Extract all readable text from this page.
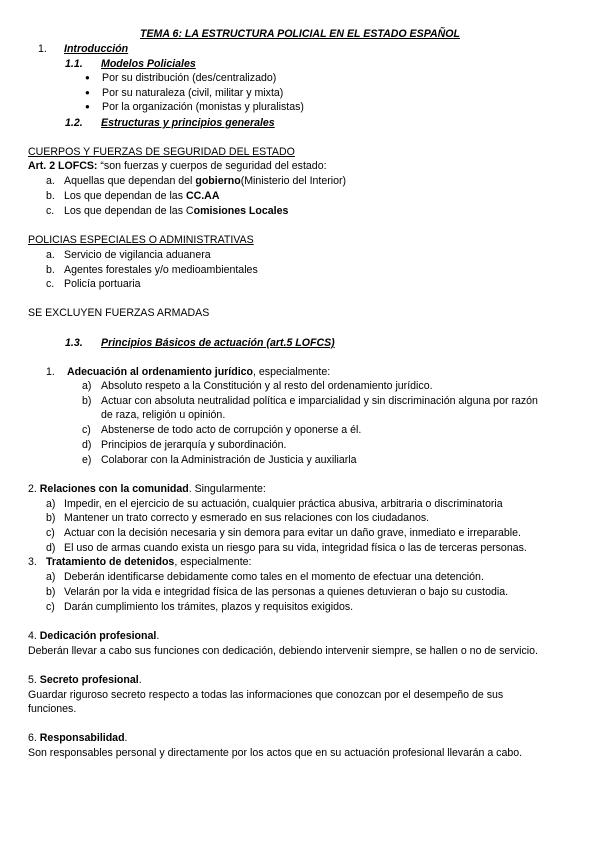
TEMA 6: LA ESTRUCTURA POLICIAL EN EL ESTADO ESPAÑOL
1. Introducción
1.1. Modelos Policiales
● Por su distribución (des/centralizado)
● Por su naturaleza (civil, militar y mixta)
● Por la organización (monistas y pluralistas)
1.2. Estructuras y principios generales
CUERPOS Y FUERZAS DE SEGURIDAD DEL ESTADO
Art. 2 LOFCS: “son fuerzas y cuerpos de seguridad del estado:
a. Aquellas que dependan del gobierno(Ministerio del Interior)
b. Los que dependan de las CC.AA
c. Los que dependan de las Comisiones Locales
POLICIAS ESPECIALES O ADMINISTRATIVAS
a. Servicio de vigilancia aduanera
b. Agentes forestales y/o medioambientales
c. Policía portuaria
SE EXCLUYEN FUERZAS ARMADAS
1.3. Principios Básicos de actuación (art.5 LOFCS)
1. Adecuación al ordenamiento jurídico, especialmente:
a) Absoluto respeto a la Constitución y al resto del ordenamiento jurídico.
b) Actuar con absoluta neutralidad política e imparcialidad y sin discriminación alguna por razón
de raza, religión u opinión.
c) Abstenerse de todo acto de corrupción y oponerse a él.
d) Principios de jerarquía y subordinación.
e) Colaborar con la Administración de Justicia y auxiliarla
2. Relaciones con la comunidad. Singularmente:
a) Impedir, en el ejercicio de su actuación, cualquier práctica abusiva, arbitraria o discriminatoria
b) Mantener un trato correcto y esmerado en sus relaciones con los ciudadanos.
c) Actuar con la decisión necesaria y sin demora para evitar un daño grave, inmediato e irreparable.
d) El uso de armas cuando exista un riesgo para su vida, integridad física o las de terceras personas.
3. Tratamiento de detenidos, especialmente:
a) Deberán identificarse debidamente como tales en el momento de efectuar una detención.
b) Velarán por la vida e integridad física de las personas a quienes detuvieran o bajo su custodia.
c) Darán cumplimiento los trámites, plazos y requisitos exigidos.
4. Dedicación profesional.
Deberán llevar a cabo sus funciones con dedicación, debiendo intervenir siempre, se hallen o no de servicio.
5. Secreto profesional.
Guardar riguroso secreto respecto a todas las informaciones que conozcan por el desempeño de sus
funciones.
6. Responsabilidad.
Son responsables personal y directamente por los actos que en su actuación profesional llevarán a cabo.
